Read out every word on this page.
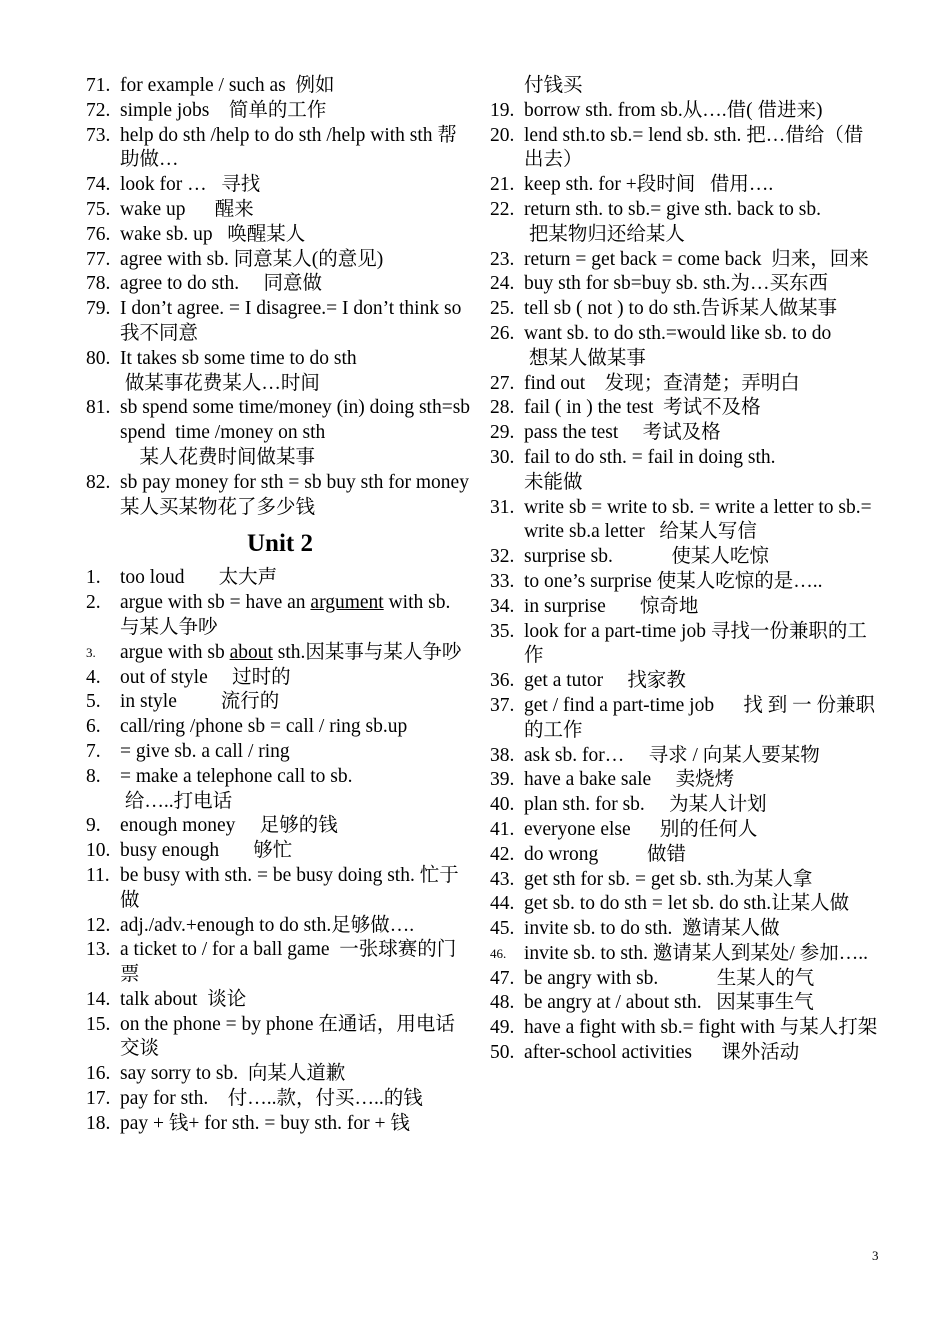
71. for example / such as  例如
72. simple jobs    简单的工作
73. help do sth /help to do sth /help with sth 帮助做…
74. look for …   寻找
75. wake up      醒来
76. wake sb. up   唤醒某人
77. agree with sb. 同意某人(的意见)
78. agree to do sth.     同意做
79. I don’t agree. = I disagree.= I don’t think so 我不同意
80. It takes sb some time to do sth
做某事花费某人…时间
81. sb spend some time/money (in) doing sth=sb spend  time /money on sth
某人花费时间做某事
82. sb pay money for sth = sb buy sth for money 某人买某物花了多少钱
Unit 2
1. too loud       太大声
2. argue with sb = have an argument with sb.    与某人争吵
3.	argue with sb about sth.因某事与某人争吵
4. out of style     过时的
5. in style         流行的
6. call/ring /phone sb = call / ring sb.up
7. = give sb. a call / ring
8. = make a telephone call to sb.
给…..打电话
9. enough money     足够的钱
10. busy enough       够忙
11. be busy with sth. = be busy doing sth. 忙于做
12. adj./adv.+enough to do sth.足够做….
13. a ticket to / for a ball game  一张球赛的门票
14. talk about  谈论
15. on the phone = by phone 在通话，用电话交谈
16. say sorry to sb.  向某人道歉
17. pay for sth.    付…..款，付买…..的钱
18. pay + 钱+ for sth. = buy sth. for + 钱
付钱买
19. borrow sth. from sb.从….借( 借进来)
20. lend sth.to sb.= lend sb. sth. 把…借给（借出去）
21. keep sth. for +段时间   借用….
22. return sth. to sb.= give sth. back to sb.
把某物归还给某人
23. return = get back = come back  归来，回来
24. buy sth for sb=buy sb. sth.为…买东西
25. tell sb ( not ) to do sth.告诉某人做某事
26. want sb. to do sth.=would like sb. to do
想某人做某事
27. find out    发现；查清楚；弄明白
28. fail ( in ) the test  考试不及格
29. pass the test     考试及格
30. fail to do sth. = fail in doing sth.
未能做
31. write sb = write to sb. = write a letter to sb.= write sb.a letter   给某人写信
32. surprise sb.            使某人吃惊
33. to one’s surprise 使某人吃惊的是…..
34. in surprise       惊奇地
35. look for a part-time job 寻找一份兼职的工作
36. get a tutor     找家教
37. get / find a part-time job      找 到 一 份兼职的工作
38. ask sb. for…     寻求 / 向某人要某物
39. have a bake sale     卖烧烤
40. plan sth. for sb.     为某人计划
41. everyone else      别的任何人
42. do wrong          做错
43. get sth for sb. = get sb. sth.为某人拿
44. get sb. to do sth = let sb. do sth.让某人做
45. invite sb. to do sth.  邀请某人做
46. invite sb. to sth. 邀请某人到某处/ 参加…..
47. be angry with sb.            生某人的气
48. be angry at / about sth.   因某事生气
49. have a fight with sb.= fight with 与某人打架
50. after-school activities      课外活动
3
